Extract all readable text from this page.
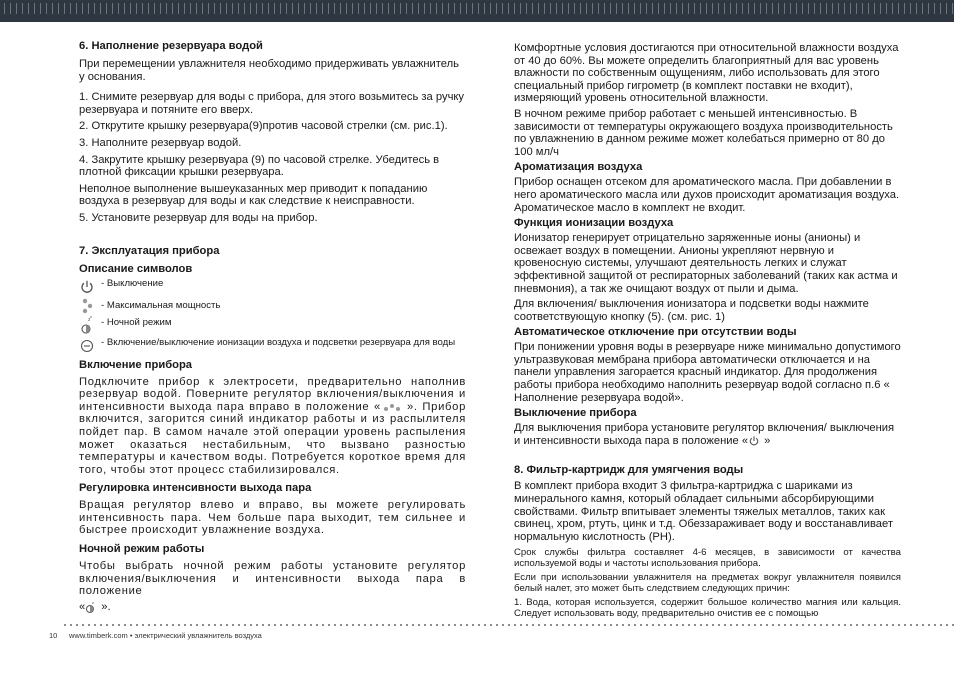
6. Наполнение резервуара водой
При перемещении увлажнителя необходимо придерживать увлажнитель у основания.
1. Снимите резервуар для воды с прибора, для этого возьмитесь за ручку резервуара и потяните его вверх.
2. Открутите крышку резервуара(9)против часовой стрелки (см. рис.1).
3. Наполните резервуар водой.
4. Закрутите крышку резервуара (9) по часовой стрелке. Убедитесь в плотной фиксации крышки резервуара.
Неполное выполнение вышеуказанных мер приводит к попаданию воздуха в резервуар для воды и как следствие к неисправности.
5. Установите резервуар для воды на прибор.
7. Эксплуатация прибора
Описание символов
- Выключение
- Максимальная мощность
z
z
- Ночной режим
- Включение/выключение ионизации воздуха и подсветки резервуара для воды
Включение прибора
Подключите прибор к электросети, предварительно наполнив резервуар водой. Поверните регулятор включения/выключения и интенсивности выхода пара вправо в положение « ». Прибор включится, загорится синий индикатор работы и из распылителя пойдет пар. В самом начале этой операции уровень распыления может оказаться нестабильным, что вызвано разностью температуры и качеством воды. Потребуется короткое время для того, чтобы этот процесс стабилизировался.
Регулировка интенсивности выхода пара
Вращая регулятор влево и вправо, вы можете регулировать интенсивность пара. Чем больше пара выходит, тем сильнее и быстрее происходит увлажнение воздуха.
Ночной режим работы
Чтобы выбрать ночной режим работы установите регулятор включения/выключения и интенсивности выхода пара в положение
« z ».
Комфортные условия достигаются при относительной влажности воздуха от 40 до 60%. Вы можете определить благоприятный для вас уровень влажности по собственным ощущениям, либо использовать для этого специальный прибор гигрометр (в комплект поставки не входит), измеряющий уровень относительной влажности.
В ночном режиме прибор работает с меньшей интенсивностью. В зависимости от температуры окружающего воздуха производительность по увлажнению в данном режиме может колебаться примерно от 80 до 100 мл/ч
Ароматизация воздуха
Прибор оснащен отсеком для ароматического масла. При добавлении в него ароматического масла или духов происходит ароматизация воздуха. Ароматическое масло в комплект не входит.
Функция ионизации воздуха
Ионизатор генерирует отрицательно заряженные ионы (анионы) и освежает воздух в помещении. Анионы укрепляют нервную и кровеносную системы, улучшают деятельность легких и служат эффективной защитой от респираторных заболеваний (таких как астма и пневмония), а так же очищают воздух от пыли и дыма.
Для включения/ выключения ионизатора и подсветки воды нажмите соответствующую кнопку (5). (см. рис. 1)
Автоматическое отключение при отсутствии воды
При понижении уровня воды в резервуаре ниже минимально допустимого ультразвуковая мембрана прибора автоматически отключается и на панели управления загорается красный индикатор. Для продолжения работы прибора необходимо наполнить резервуар водой согласно п.6 « Наполнение резервуара водой».
Выключение прибора
Для выключения прибора установите регулятор включения/ выключения и интенсивности выхода пара в положение « »
8. Фильтр-картридж для умягчения воды
В комплект прибора входит 3 фильтра-картриджа с шариками из минерального камня, который обладает сильными абсорбирующими свойствами. Фильтр впитывает элементы тяжелых металлов, таких как свинец, хром, ртуть, цинк и т.д. Обеззараживает воду и восстанавливает нормальную кислотность (PH).
Срок службы фильтра составляет 4-6 месяцев, в зависимости от качества используемой воды и частоты использования прибора.
Если при использовании увлажнителя на предметах вокруг увлажнителя появился белый налет, это может быть следствием следующих причин:
1. Вода, которая используется, содержит большое количество магния или кальция. Следует использовать воду, предварительно очистив ее с помощью
10 www.timberk.com • электрический увлажнитель воздуха
